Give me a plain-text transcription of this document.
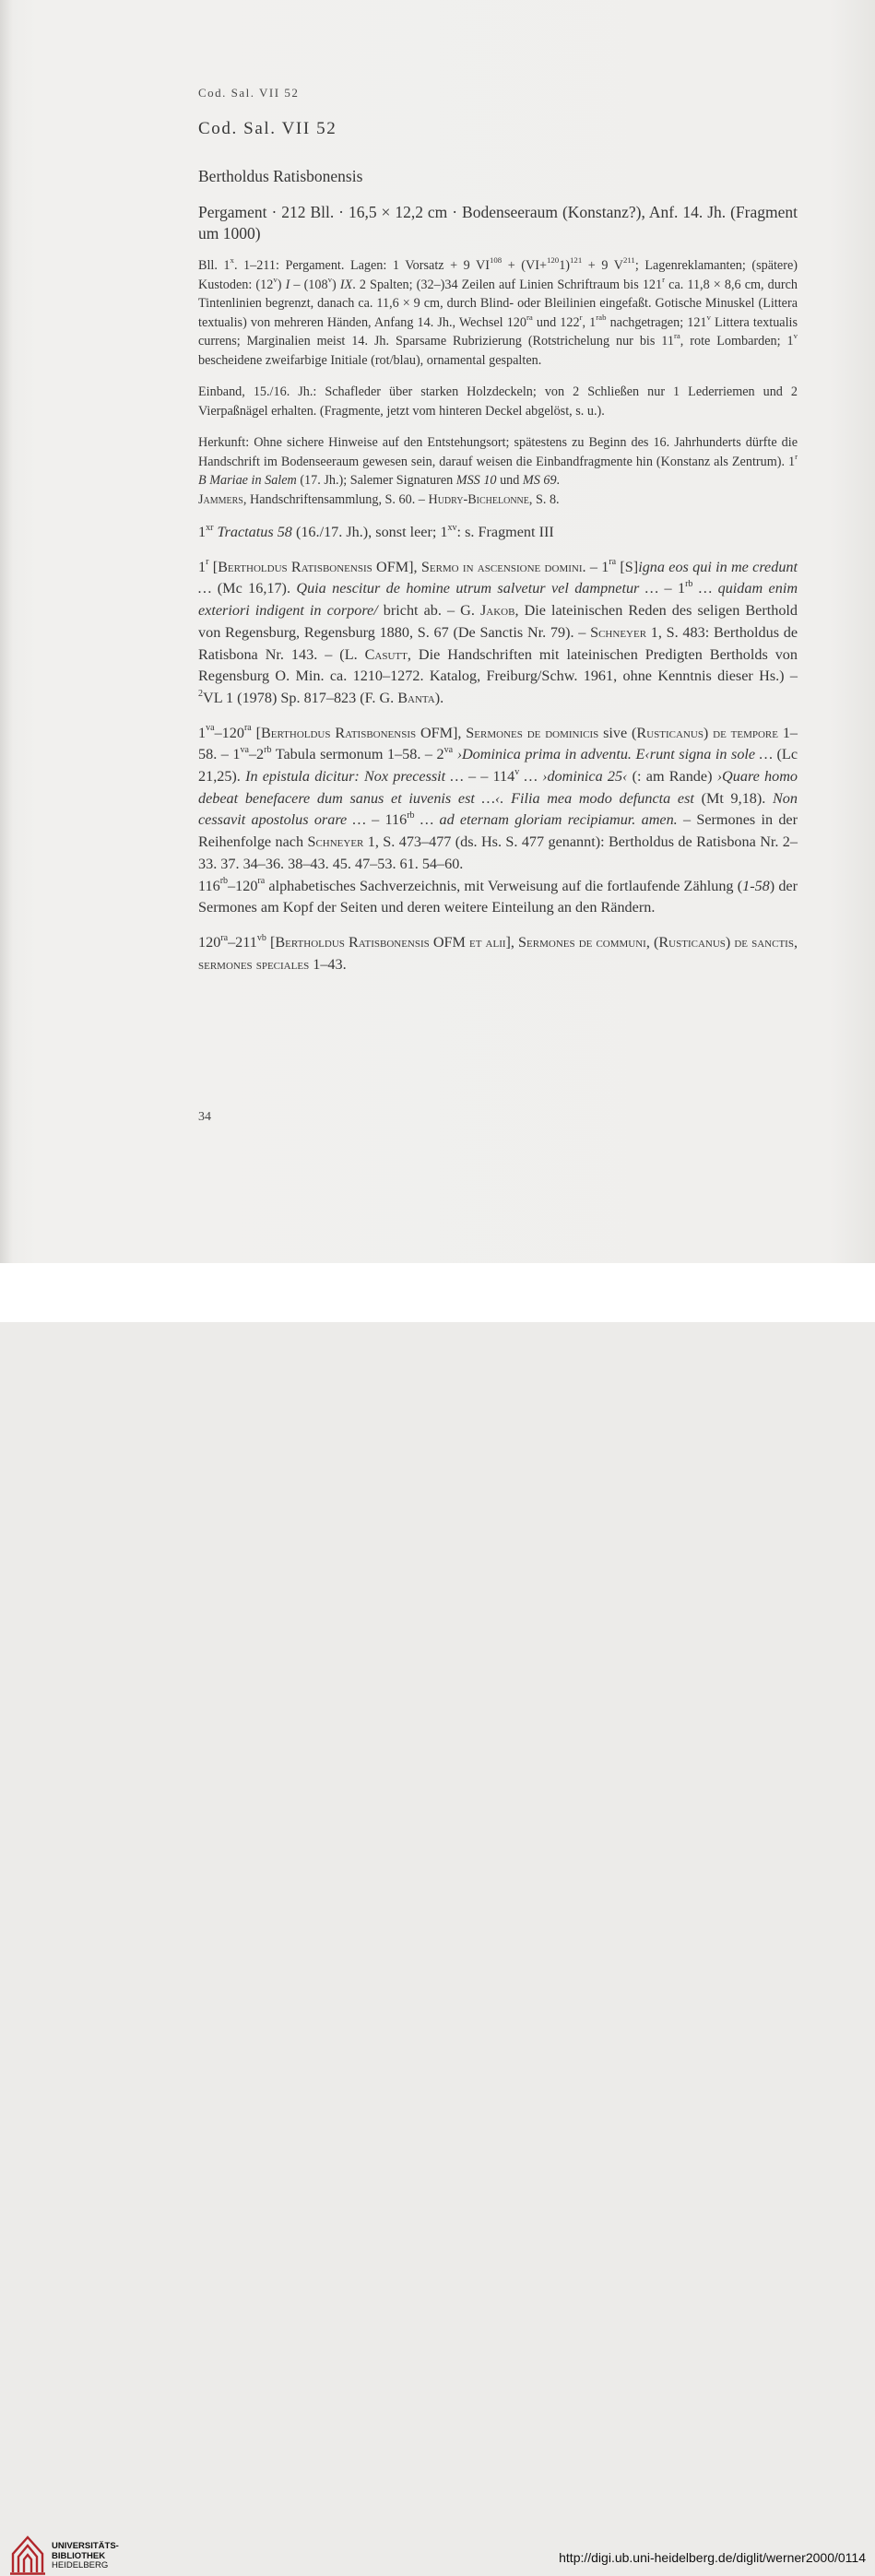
Cod. Sal. VII 52
Cod. Sal. VII 52
Bertholdus Ratisbonensis
Pergament · 212 Bll. · 16,5 × 12,2 cm · Bodenseeraum (Konstanz?), Anf. 14. Jh. (Fragment um 1000)

Bll. 1$^x$. 1–211: Pergament. Lagen: 1 Vorsatz + 9 $VI^{108} + (VI+^{120}1)^{121} + 9$ $V^{211}$; Lagenreklamanten; (spätere) Kustoden: (12$^v$) I – (108$^v$) IX. 2 Spalten; (32–)34 Zeilen auf Linien Schriftraum bis 121$^r$ ca. 11,8 × 8,6 cm, durch Tintenlinien begrenzt, danach ca. 11,6 × 9 cm, durch Blind- oder Bleilinien eingefaßt. Gotische Minuskel (Littera textualis) von mehreren Händen, Anfang 14. Jh., Wechsel $120^{ra}$ und 122$^r$, $1^{rab}$ nachgetragen; 121$^v$ Littera textualis currens; Marginalien meist 14. Jh. Sparsame Rubrizierung (Rotstrichelung nur bis $11^{ra}$, rote Lombarden; 1$^v$ bescheidene zweifarbige Initiale (rot/blau), ornamental gespalten.

Einband, 15./16. Jh.: Schafleder über starken Holzdeckeln; von 2 Schließen nur 1 Lederriemen und 2 Vierpaßnägel erhalten. (Fragmente, jetzt vom hinteren Deckel abgelöst, s. u.).

Herkunft: Ohne sichere Hinweise auf den Entstehungsort; spätestens zu Beginn des 16. Jahrhunderts dürfte die Handschrift im Bodenseeraum gewesen sein, darauf weisen die Einbandfragmente hin (Konstanz als Zentrum). 1$^r$ B Mariae in Salem (17. Jh.); Salemer Signaturen MSS 10 und MS 69.

Jammers, Handschriftensammlung, S. 60. – Hudry-Bichelonne, S. 8.

$1^{xr}$ Tractatus 58 (16./17. Jh.), sonst leer; 1$^{xv}$: s. Fragment III

1$^r$ [Bertholdus Ratisbonensis OFM], Sermo in ascensione domini. – $1^{ra}$ [S]igna eos qui in me credunt … (Mc 16,17). Quia nescitur de homine utrum salvetur vel dampnetur … – $1^{rb}$ … quidam enim exteriori indigent in corpore/ bricht ab. – G. Jakob, Die lateinischen Reden des seligen Berthold von Regensburg, Regensburg 1880, S. 67 (De Sanctis Nr. 79). – Schneyer 1, S. 483: Bertholdus de Ratisbona Nr. 143. – (L. Casutt, Die Handschriften mit lateinischen Predigten Bertholds von Regensburg O. Min. ca. 1210–1272. Katalog, Freiburg/Schw. 1961, ohne Kenntnis dieser Hs.) – $^2$VL 1 (1978) Sp. 817–823 (F. G. Banta).

$1^{va}-120^{ra}$ [Bertholdus Ratisbonensis OFM], Sermones de dominicis sive (Rusticanus) de tempore 1–58. – $1^{va}-2^{rb}$ Tabula sermonum 1–58. – $2^{va}$ ›Dominica prima in adventu. E‹runt signa in sole … (Lc 21,25). In epistula dicitur: Nox precessit … – – 114$^v$ … ›dominica 25‹ (: am Rande) ›Quare homo debeat benefacere dum sanus et iuvenis est …‹. Filia mea modo defuncta est (Mt 9,18). Non cessavit apostolus orare … – $116^{rb}$ … ad eternam gloriam recipiamur. amen. – Sermones in der Reihenfolge nach Schneyer 1, S. 473–477 (ds. Hs. S. 477 genannt): Bertholdus de Ratisbona Nr. 2–33. 37. 34–36. 38–43. 45. 47–53. 61. 54–60.

$116^{rb}-120^{ra}$ alphabetisches Sachverzeichnis, mit Verweisung auf die fortlaufende Zählung (1-58) der Sermones am Kopf der Seiten und deren weitere Einteilung an den Rändern.

$120^{ra}-211^{vb}$ [Bertholdus Ratisbonensis OFM et alii], Sermones de communi, (Rusticanus) de sanctis, sermones speciales 1–43.

34
UNIVERSITÄTS-
BIBLIOTHEK
HEIDELBERG
http://digi.ub.uni-heidelberg.de/diglit/werner2000/0114
